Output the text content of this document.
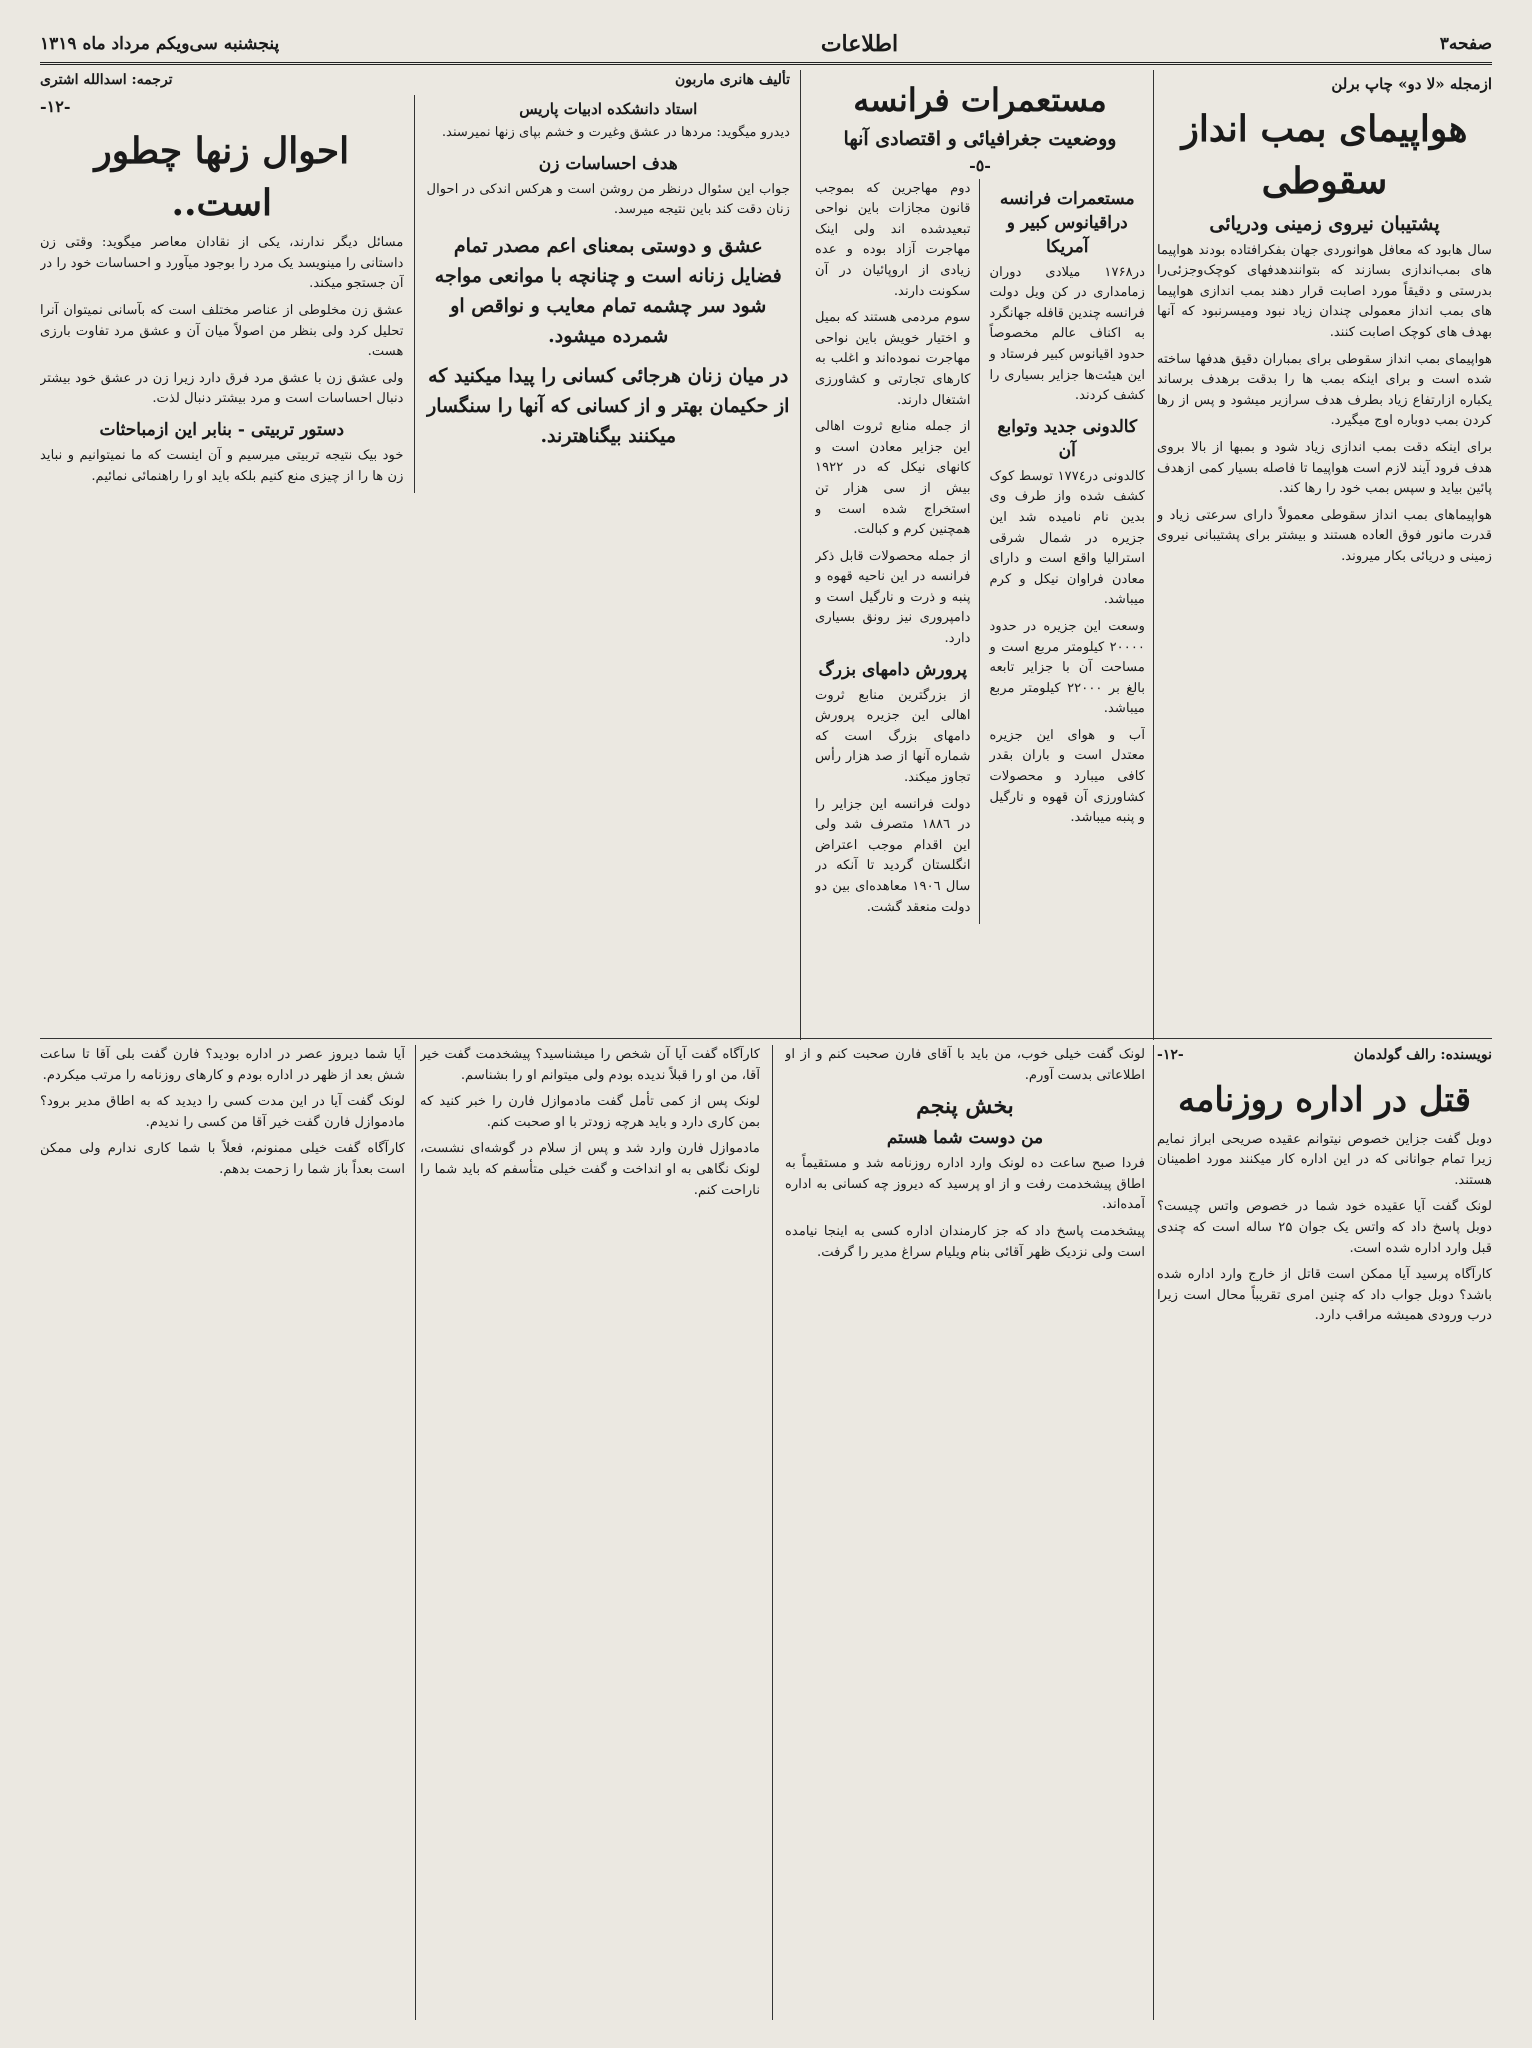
صفحه۳
اطلاعات
پنجشنبه سی‌ویکم مرداد ماه ۱۳۱۹
ازمجله «لا دو» چاپ برلن
هواپیمای بمب انداز سقوطی
پشتیبان نیروی زمینی ودریائی

سال هابود که معافل هوانوردی جهان بفکرافتاده بودند هواپیما های بمب‌اندازی بسازند که بتوانندهدفهای کوچک‌وجزئی‌را بدرستی و دقیقاً مورد اصابت قرار دهند بمب اندازی هواپیما های بمب انداز معمولی چندان زیاد نبود ومیسرنبود که آنها بهدف های کوچک اصابت کنند.

هواپیمای بمب انداز سقوطی برای بمباران دقیق هدفها ساخته شده است و برای اینکه بمب ها را بدقت برهدف برساند یکباره ازارتفاع زیاد بطرف هدف سرازیر میشود و پس از رها کردن بمب دوباره اوج میگیرد.

برای اینکه دقت بمب اندازی زیاد شود و بمبها از بالا بروی هدف فرود آیند لازم است هواپیما تا فاصله بسیار کمی ازهدف پائین بیاید و سپس بمب خود را رها کند.

هواپیماهای بمب انداز سقوطی معمولاً دارای سرعتی زیاد و قدرت مانور فوق العاده هستند و بیشتر برای پشتیبانی نیروی زمینی و دریائی بکار میروند.

مستعمرات فرانسه
ووضعیت جغرافیائی و اقتصادی آنها
-٥-
مستعمرات فرانسه دراقیانوس کبیر و آمریکا

در۱۷۶۸ میلادی دوران زمامداری در کن ویل دولت فرانسه چندین قافله جهانگرد به اکناف عالم مخصوصاً حدود اقیانوس کبیر فرستاد و این هیئت‌ها جزایر بسیاری را کشف کردند.

کالدونی جدید وتوابع آن

کالدونی در۱۷۷٤ توسط کوک کشف شده واز طرف وی بدین نام نامیده شد این جزیره در شمال شرقی استرالیا واقع است و دارای معادن فراوان نیکل و کرم میباشد.

وسعت این جزیره در حدود ۲۰۰۰۰ کیلومتر مربع است و مساحت آن با جزایر تابعه بالغ بر ۲۲۰۰۰ کیلومتر مربع میباشد.

آب و هوای این جزیره معتدل است و باران بقدر کافی میبارد و محصولات کشاورزی آن قهوه و نارگیل و پنبه میباشد.

دوم مهاجرین که بموجب قانون مجازات باین نواحی تبعیدشده اند ولی اینک مهاجرت آزاد بوده و عده زیادی از اروپائیان در آن سکونت دارند.

سوم مردمی هستند که بمیل و اختیار خویش باین نواحی مهاجرت نموده‌اند و اغلب به کارهای تجارتی و کشاورزی اشتغال دارند.

از جمله منابع ثروت اهالی این جزایر معادن است و کانهای نیکل که در ۱۹۲۲ بیش از سی هزار تن استخراج شده است و همچنین کرم و کبالت.

از جمله محصولات قابل ذکر فرانسه در این ناحیه قهوه و پنبه و ذرت و نارگیل است و دامپروری نیز رونق بسیاری دارد.

پرورش دامهای بزرگ

از بزرگترین منابع ثروت اهالی این جزیره پرورش دامهای بزرگ است که شماره آنها از صد هزار رأس تجاوز میکند.

دولت فرانسه این جزایر را در ۱۸۸٦ متصرف شد ولی این اقدام موجب اعتراض انگلستان گردید تا آنکه در سال ۱۹۰٦ معاهده‌ای بین دو دولت منعقد گشت.

تألیف هانری ماربون
ترجمه: اسدالله اشتری
استاد دانشکده ادبیات پاریس

دیدرو میگوید: مردها در عشق وغیرت و خشم بپای زنها نمیرسند.

هدف احساسات زن

جواب این سئوال درنظر من روشن است و هرکس اندکی در احوال زنان دقت کند باین نتیجه میرسد.

عشق و دوستی بمعنای اعم مصدر تمام فضایل زنانه است و چنانچه با موانعی مواجه شود سر چشمه تمام معایب و نواقص او شمرده میشود.
در میان زنان هرجائی کسانی را پیدا میکنید که از حکیمان بهتر و از کسانی که آنها را سنگسار میکنند بیگناهترند.
-١٢-
احوال زنها چطور است..

مسائل دیگر ندارند، یکی از نقادان معاصر میگوید: وقتی زن داستانی را مینویسد یک مرد را بوجود میآورد و احساسات خود را در آن جستجو میکند.

عشق زن مخلوطی از عناصر مختلف است که بآسانی نمیتوان آنرا تحلیل کرد ولی بنظر من اصولاً میان آن و عشق مرد تفاوت بارزی هست.

ولی عشق زن با عشق مرد فرق دارد زیرا زن در عشق خود بیشتر دنبال احساسات است و مرد بیشتر دنبال لذت.

دستور تربیتی - بنابر این ازمباحثات

خود بیک نتیجه تربیتی میرسیم و آن اینست که ما نمیتوانیم و نباید زن ها را از چیزی منع کنیم بلکه باید او را راهنمائی نمائیم.

نویسنده: رالف گولدمان
-١٢-
قتل در اداره روزنامه

دوبل گفت جزاین خصوص نیتوانم عقیده صریحی ابراز نمایم زیرا تمام جوانانی که در این اداره کار میکنند مورد اطمینان هستند.

لونک گفت آیا عقیده خود شما در خصوص واتس چیست؟ دوبل پاسخ داد که واتس یک جوان ۲۵ ساله است که چندی قبل وارد اداره شده است.

کارآگاه پرسید آیا ممکن است قاتل از خارج وارد اداره شده باشد؟ دوبل جواب داد که چنین امری تقریباً محال است زیرا درب ورودی همیشه مراقب دارد.

لونک گفت خیلی خوب، من باید با آقای فارن صحبت کنم و از او اطلاعاتی بدست آورم.

بخش پنجم
من دوست شما هستم

فردا صبح ساعت ده لونک وارد اداره روزنامه شد و مستقیماً به اطاق پیشخدمت رفت و از او پرسید که دیروز چه کسانی به اداره آمده‌اند.

پیشخدمت پاسخ داد که جز کارمندان اداره کسی به اینجا نیامده است ولی نزدیک ظهر آقائی بنام ویلیام سراغ مدیر را گرفت.

کارآگاه گفت آیا آن شخص را میشناسید؟ پیشخدمت گفت خیر آقا، من او را قبلاً ندیده بودم ولی میتوانم او را بشناسم.

لونک پس از کمی تأمل گفت مادموازل فارن را خبر کنید که بمن کاری دارد و باید هرچه زودتر با او صحبت کنم.

مادموازل فارن وارد شد و پس از سلام در گوشه‌ای نشست، لونک نگاهی به او انداخت و گفت خیلی متأسفم که باید شما را ناراحت کنم.

آیا شما دیروز عصر در اداره بودید؟ فارن گفت بلی آقا تا ساعت شش بعد از ظهر در اداره بودم و کارهای روزنامه را مرتب میکردم.

لونک گفت آیا در این مدت کسی را دیدید که به اطاق مدیر برود؟ مادموازل فارن گفت خیر آقا من کسی را ندیدم.

کارآگاه گفت خیلی ممنونم، فعلاً با شما کاری ندارم ولی ممکن است بعداً باز شما را زحمت بدهم.
